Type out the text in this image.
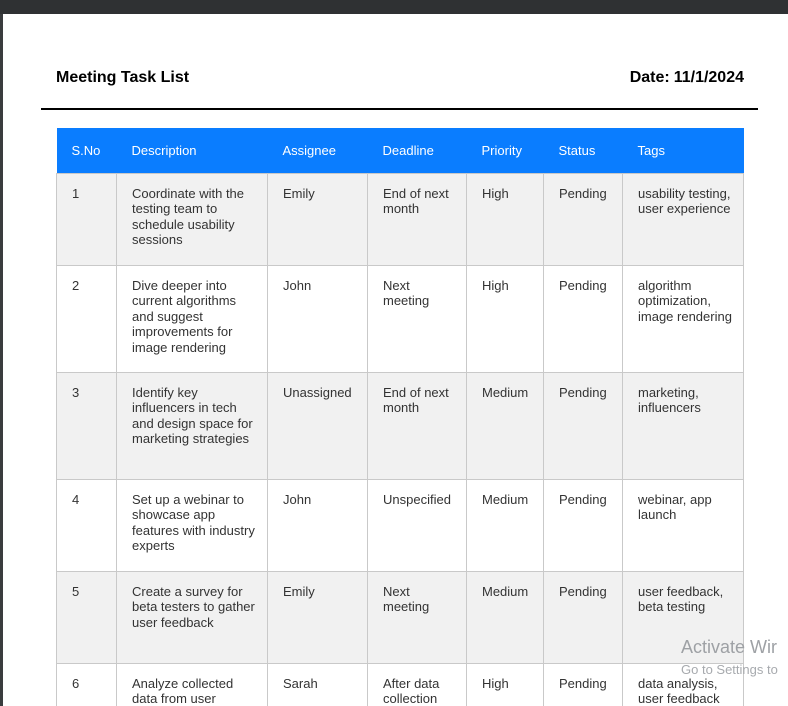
Meeting Task List	Date: 11/1/2024
S.No	Description	Assignee	Deadline	Priority	Status	Tags
1	Coordinate with the testing team to schedule usability sessions	Emily	End of next month	High	Pending	usability testing, user experience
2	Dive deeper into current algorithms and suggest improvements for image rendering	John	Next meeting	High	Pending	algorithm optimization, image rendering
3	Identify key influencers in tech and design space for marketing strategies	Unassigned	End of next month	Medium	Pending	marketing, influencers
4	Set up a webinar to showcase app features with industry experts	John	Unspecified	Medium	Pending	webinar, app launch
5	Create a survey for beta testers to gather user feedback	Emily	Next meeting	Medium	Pending	user feedback, beta testing
6	Analyze collected data from user	Sarah	After data collection	High	Pending	data analysis, user feedback
Activate Wir
Go to Settings to
